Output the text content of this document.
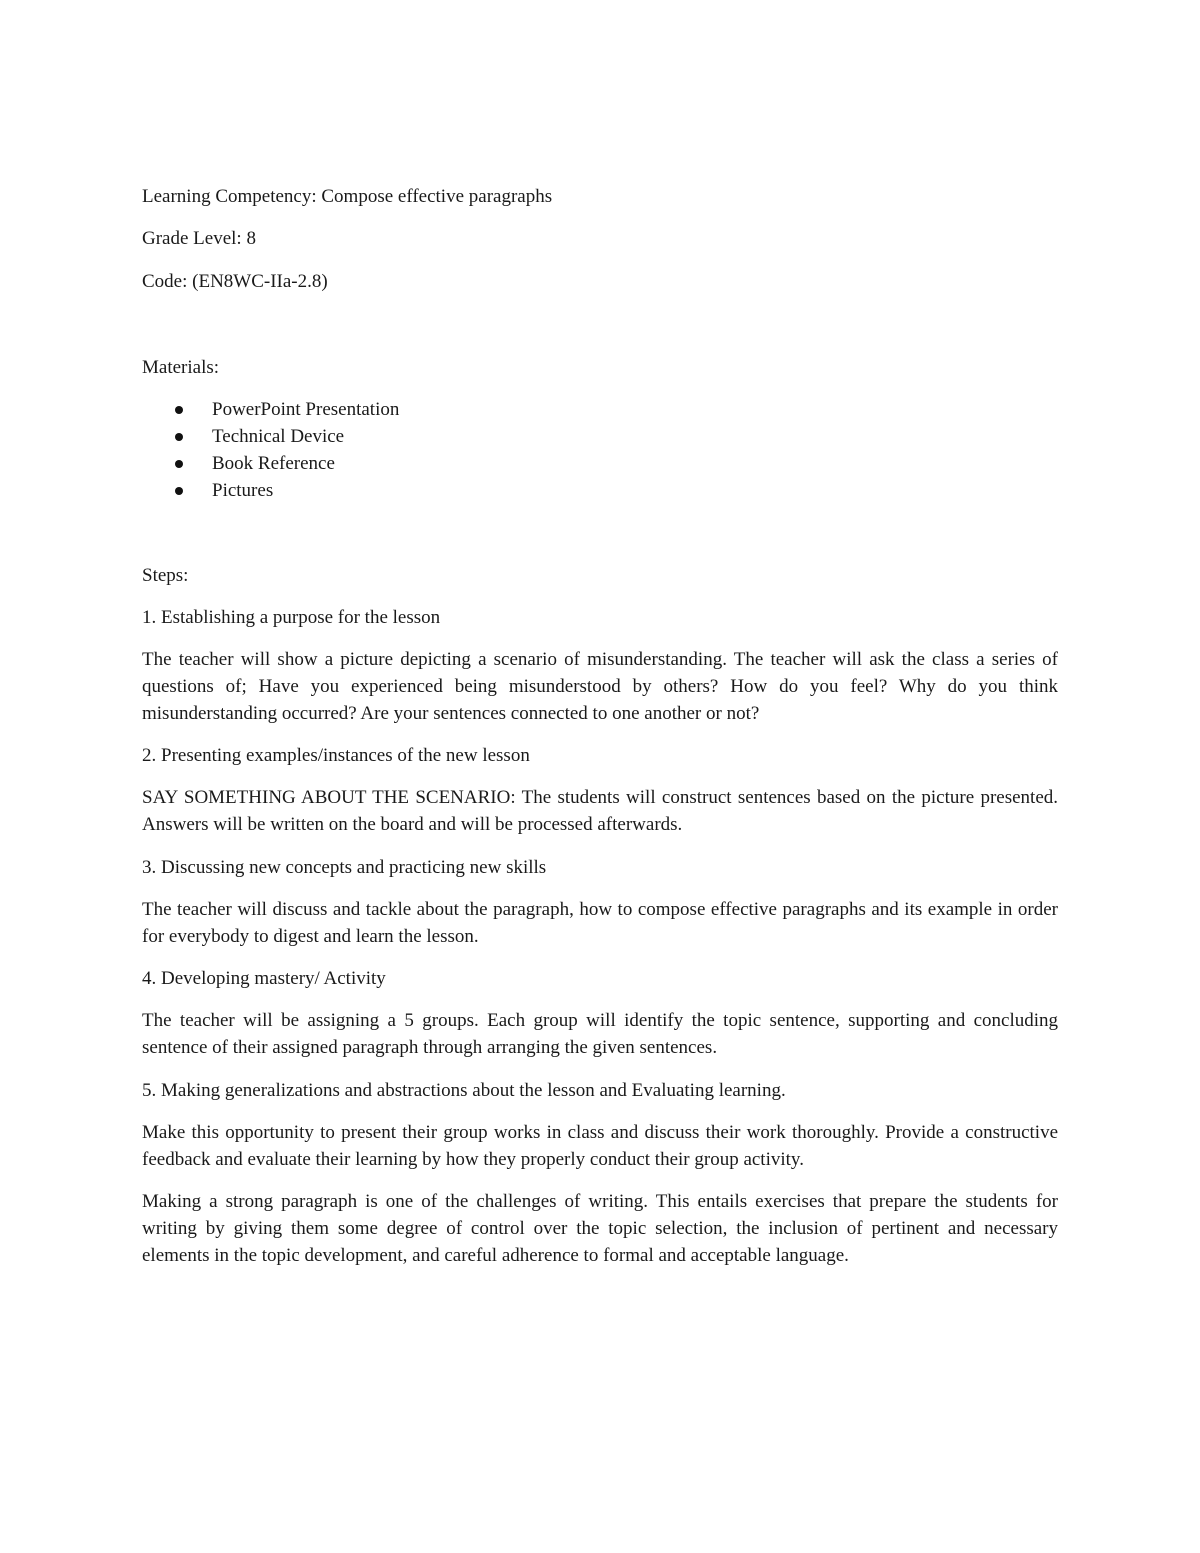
Learning Competency: Compose effective paragraphs

Grade Level: 8

Code: (EN8WC-IIa-2.8)

Materials:

PowerPoint Presentation
Technical Device
Book Reference
Pictures

Steps:

1. Establishing a purpose for the lesson

The teacher will show a picture depicting a scenario of misunderstanding. The teacher will ask the class a series of questions of; Have you experienced being misunderstood by others? How do you feel? Why do you think misunderstanding occurred? Are your sentences connected to one another or not?

2. Presenting examples/instances of the new lesson

SAY SOMETHING ABOUT THE SCENARIO: The students will construct sentences based on the picture presented. Answers will be written on the board and will be processed afterwards.

3. Discussing new concepts and practicing new skills

The teacher will discuss and tackle about the paragraph, how to compose effective paragraphs and its example in order for everybody to digest and learn the lesson.

4. Developing mastery/ Activity

The teacher will be assigning a 5 groups. Each group will identify the topic sentence, supporting and concluding sentence of their assigned paragraph through arranging the given sentences.

5. Making generalizations and abstractions about the lesson and Evaluating learning.

Make this opportunity to present their group works in class and discuss their work thoroughly. Provide a constructive feedback and evaluate their learning by how they properly conduct their group activity.

Making a strong paragraph is one of the challenges of writing. This entails exercises that prepare the students for writing by giving them some degree of control over the topic selection, the inclusion of pertinent and necessary elements in the topic development, and careful adherence to formal and acceptable language.
